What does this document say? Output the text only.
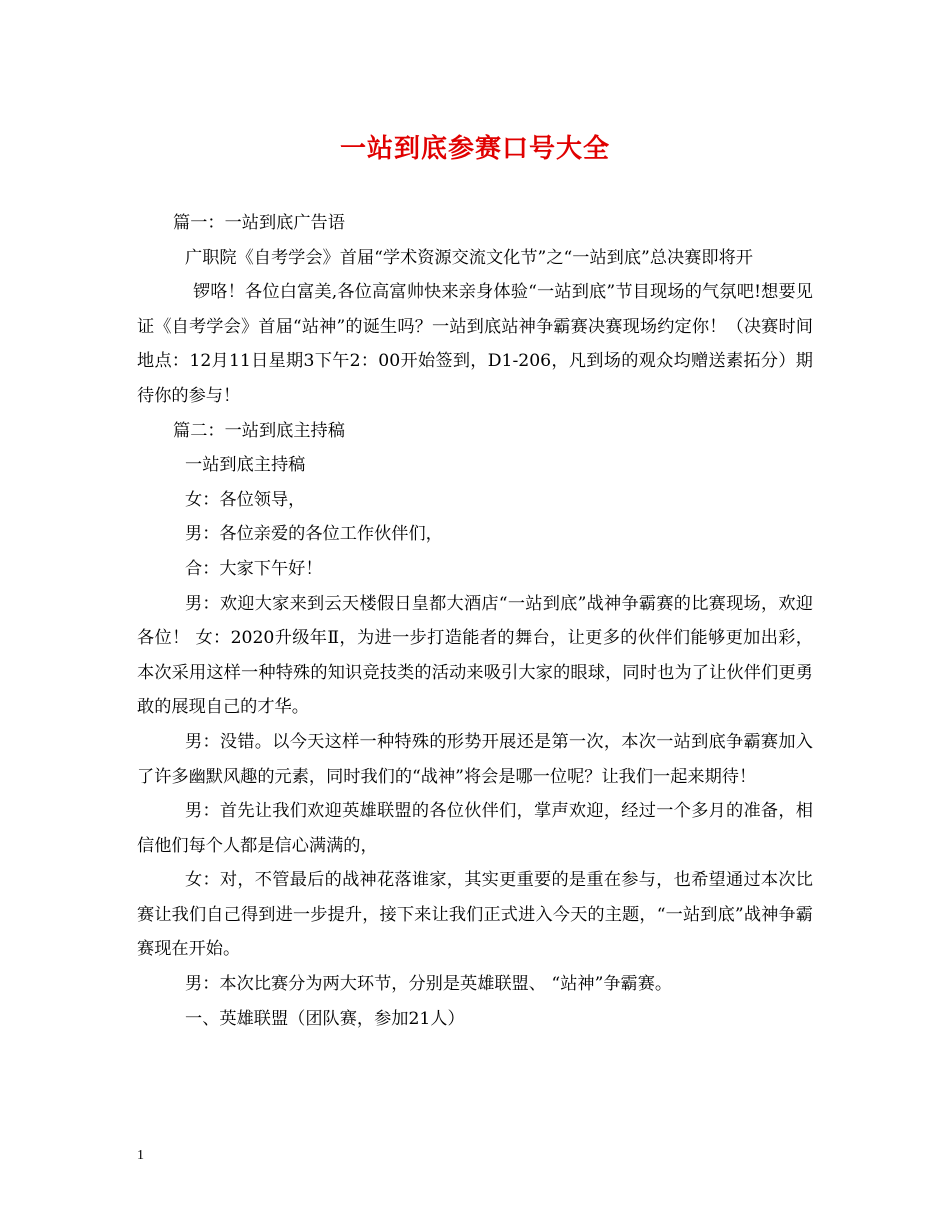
一站到底参赛口号大全

篇一：一站到底广告语

广职院《自考学会》首届“学术资源交流文化节”之“一站到底”总决赛即将开

锣咯！各位白富美,各位高富帅快来亲身体验“一站到底”节目现场的气氛吧!想要见证《自考学会》首届“站神”的诞生吗？一站到底站神争霸赛决赛现场约定你！（决赛时间地点：12月11日星期3下午2：00开始签到，D1-206，凡到场的观众均赠送素拓分）期待你的参与！

篇二：一站到底主持稿

一站到底主持稿

女：各位领导，

男：各位亲爱的各位工作伙伴们，

合：大家下午好！

男：欢迎大家来到云天楼假日皇都大酒店“一站到底”战神争霸赛的比赛现场，欢迎各位！ 女：2020升级年Ⅱ，为进一步打造能者的舞台，让更多的伙伴们能够更加出彩，本次采用这样一种特殊的知识竞技类的活动来吸引大家的眼球，同时也为了让伙伴们更勇敢的展现自己的才华。

男：没错。以今天这样一种特殊的形势开展还是第一次，本次一站到底争霸赛加入了许多幽默风趣的元素，同时我们的“战神”将会是哪一位呢？让我们一起来期待！

男：首先让我们欢迎英雄联盟的各位伙伴们，掌声欢迎，经过一个多月的准备，相信他们每个人都是信心满满的，

女：对，不管最后的战神花落谁家，其实更重要的是重在参与，也希望通过本次比赛让我们自己得到进一步提升，接下来让我们正式进入今天的主题，“一站到底”战神争霸赛现在开始。

男：本次比赛分为两大环节，分别是英雄联盟、 “站神”争霸赛。

一、英雄联盟（团队赛，参加21人）

1
